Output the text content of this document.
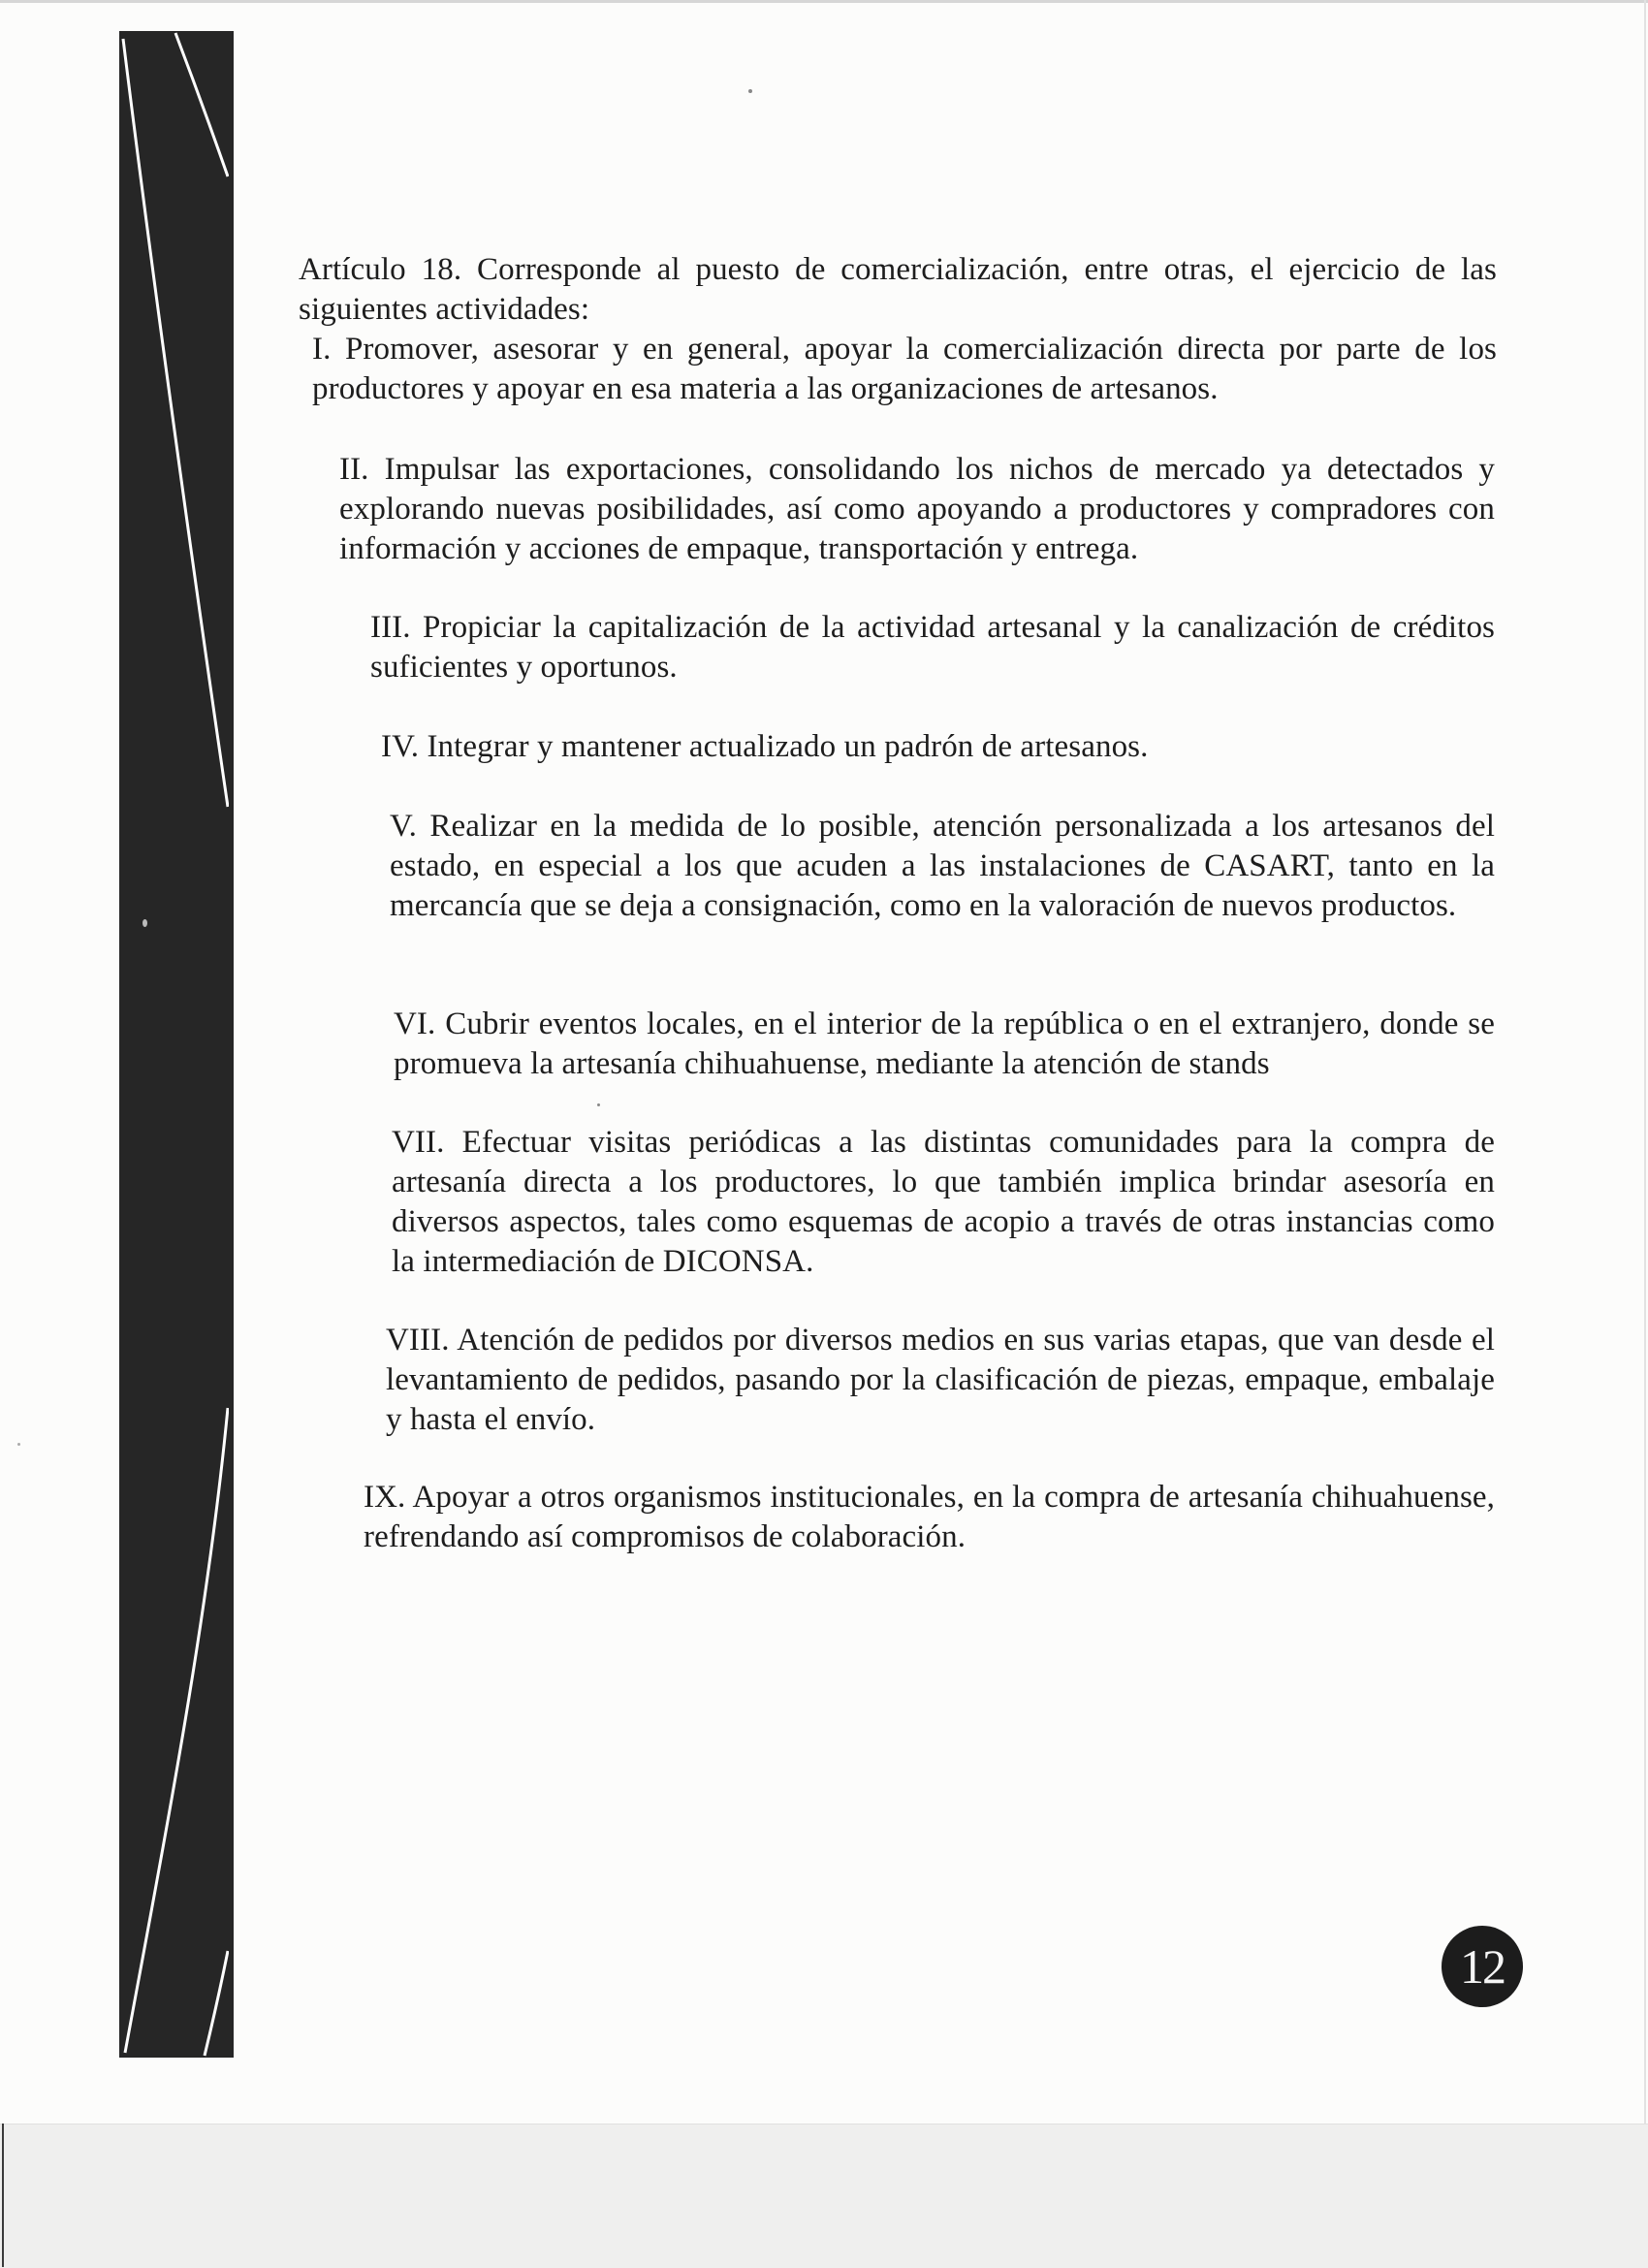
Artículo 18. Corresponde al puesto de comercialización, entre otras, el ejercicio de las siguientes actividades:
I. Promover, asesorar y en general, apoyar la comercialización directa por parte de los productores y apoyar en esa materia a las organizaciones de artesanos.
II. Impulsar las exportaciones, consolidando los nichos de mercado ya detectados y explorando nuevas posibilidades, así como apoyando a productores y compradores con información y acciones de empaque, transportación y entrega.
III. Propiciar la capitalización de la actividad artesanal y la canalización de créditos suficientes y oportunos.
IV. Integrar y mantener actualizado un padrón de artesanos.
V. Realizar en la medida de lo posible, atención personalizada a los artesanos del estado, en especial a los que acuden a las instalaciones de CASART, tanto en la mercancía que se deja a consignación, como en la valoración de nuevos productos.
VI. Cubrir eventos locales, en el interior de la república o en el extranjero, donde se promueva la artesanía chihuahuense, mediante la atención de stands
VII. Efectuar visitas periódicas a las distintas comunidades para la compra de artesanía directa a los productores, lo que también implica brindar asesoría en diversos aspectos, tales como esquemas de acopio a través de otras instancias como la intermediación de DICONSA.
VIII. Atención de pedidos por diversos medios en sus varias etapas, que van desde el levantamiento de pedidos, pasando por la clasificación de piezas, empaque, embalaje y hasta el envío.
IX. Apoyar a otros organismos institucionales, en la compra de artesanía chihuahuense, refrendando así compromisos de colaboración.
12
